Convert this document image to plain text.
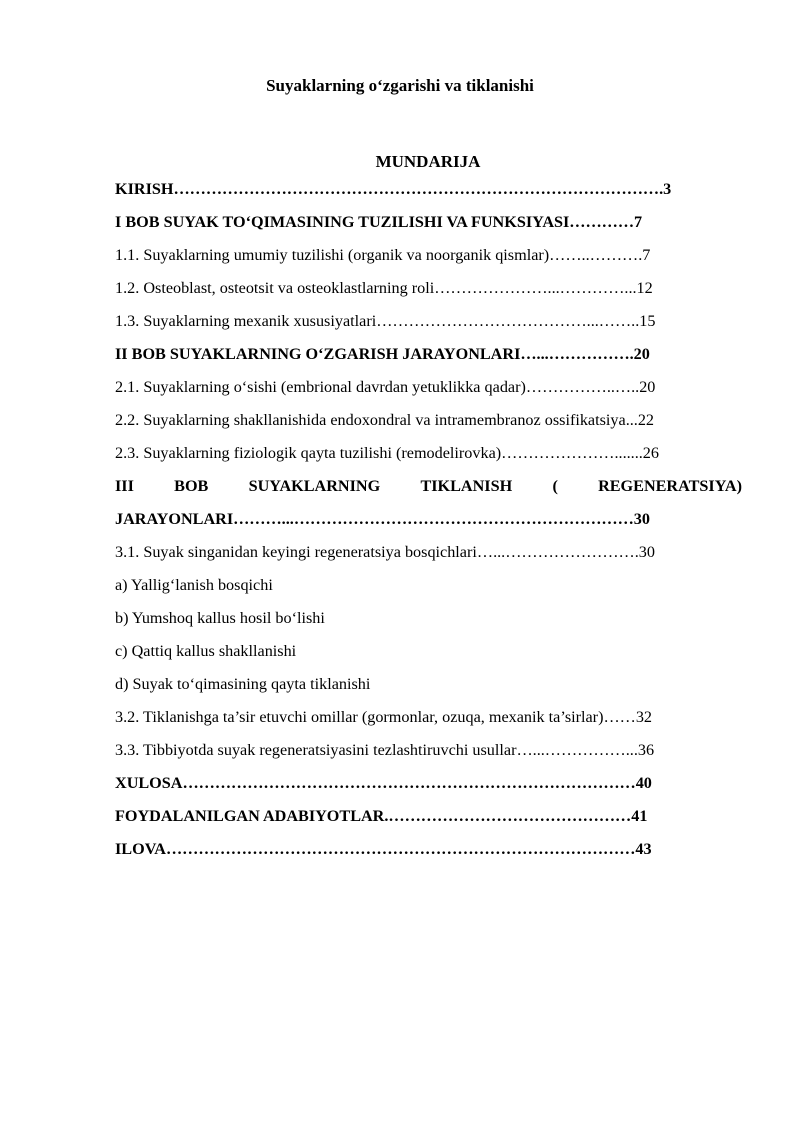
Suyaklarning o‘zgarishi va tiklanishi
MUNDARIJA
KIRISH……………………………………………………………………………….3
I BOB SUYAK TO‘QIMASINING TUZILISHI VA FUNKSIYASI…………7
1.1. Suyaklarning umumiy tuzilishi (organik va noorganik qismlar)……..……….7
1.2. Osteoblast, osteotsit va osteoklastlarning roli…………………...…………...12
1.3. Suyaklarning mexanik xususiyatlari…………………………………...……..15
II BOB SUYAKLARNING O‘ZGARISH JARAYONLARI…...…………….20
2.1. Suyaklarning o‘sishi (embrional davrdan yetuklikka qadar)……………..…..20
2.2. Suyaklarning shakllanishida endoxondral va intramembranoz ossifikatsiya...22
2.3. Suyaklarning fiziologik qayta tuzilishi (remodelirovka)………………….......26
III BOB SUYAKLARNING TIKLANISH ( REGENERATSIYA)
JARAYONLARI………...………………………………………………………30
3.1. Suyak singanidan keyingi regeneratsiya bosqichlari…...…………………….30
a) Yallig‘lanish bosqichi
b) Yumshoq kallus hosil bo‘lishi
c) Qattiq kallus shakllanishi
d) Suyak to‘qimasining qayta tiklanishi
3.2. Tiklanishga ta’sir etuvchi omillar (gormonlar, ozuqa, mexanik ta’sirlar)……32
3.3. Tibbiyotda suyak regeneratsiyasini tezlashtiruvchi usullar…...……………...36
XULOSA…………………………………………………………………………40
FOYDALANILGAN ADABIYOTLAR.………………………………………41
ILOVA……………………………………………………………………………43
